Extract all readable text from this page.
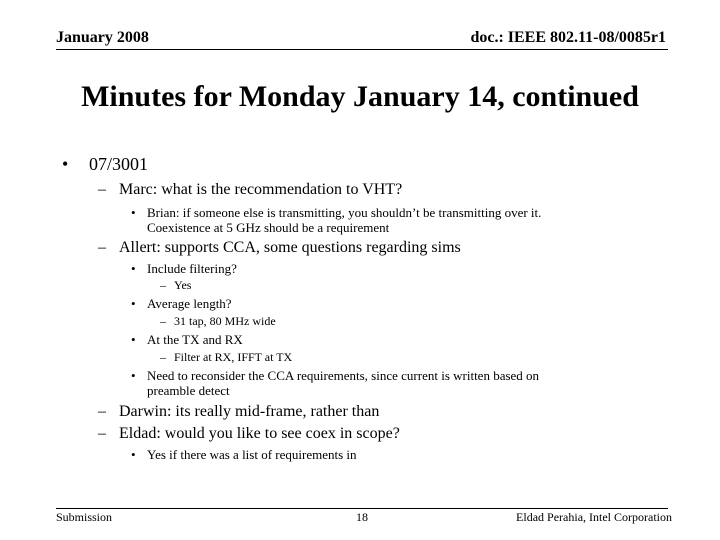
January 2008	doc.: IEEE 802.11-08/0085r1
Minutes for Monday January 14, continued
• 07/3001
– Marc: what is the recommendation to VHT?
• Brian: if someone else is transmitting, you shouldn’t be transmitting over it.
Coexistence at 5 GHz should be a requirement
– Allert: supports CCA, some questions regarding sims
• Include filtering?
– Yes
• Average length?
– 31 tap, 80 MHz wide
• At the TX and RX
– Filter at RX, IFFT at TX
• Need to reconsider the CCA requirements, since current is written based on
preamble detect
– Darwin: its really mid-frame, rather than
– Eldad: would you like to see coex in scope?
• Yes if there was a list of requirements in
Submission	18	Eldad Perahia, Intel Corporation
